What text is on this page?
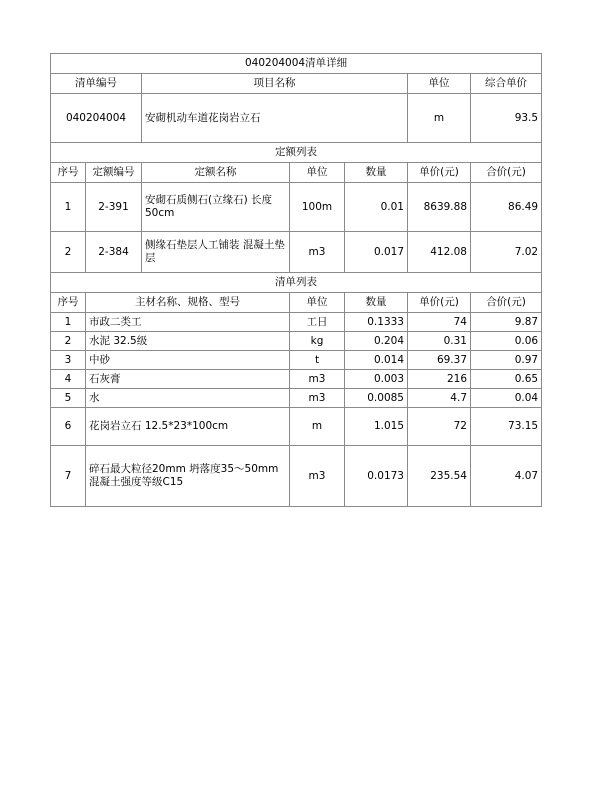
040204004清单详细						
清单编号		项目名称			单位	综合单价
040204004		安砌机动车道花岗岩立石			m	93.5
定额列表						
序号	定额编号	定额名称	单位	数量	单价(元)	合价(元)
1	2-391	安砌石质侧石(立缘石) 长度50cm	100m	0.01	8639.88	86.49
2	2-384	侧缘石垫层人工铺装 混凝土垫层	m3	0.017	412.08	7.02
清单列表						
序号	主材名称、规格、型号		单位	数量	单价(元)	合价(元)
1	市政二类工		工日	0.1333	74	9.87
2	水泥 32.5级		kg	0.204	0.31	0.06
3	中砂		t	0.014	69.37	0.97
4	石灰膏		m3	0.003	216	0.65
5	水		m3	0.0085	4.7	0.04
6	花岗岩立石 12.5*23*100cm		m	1.015	72	73.15
7	碎石最大粒径20mm 坍落度35～50mm混凝土强度等级C15		m3	0.0173	235.54	4.07
